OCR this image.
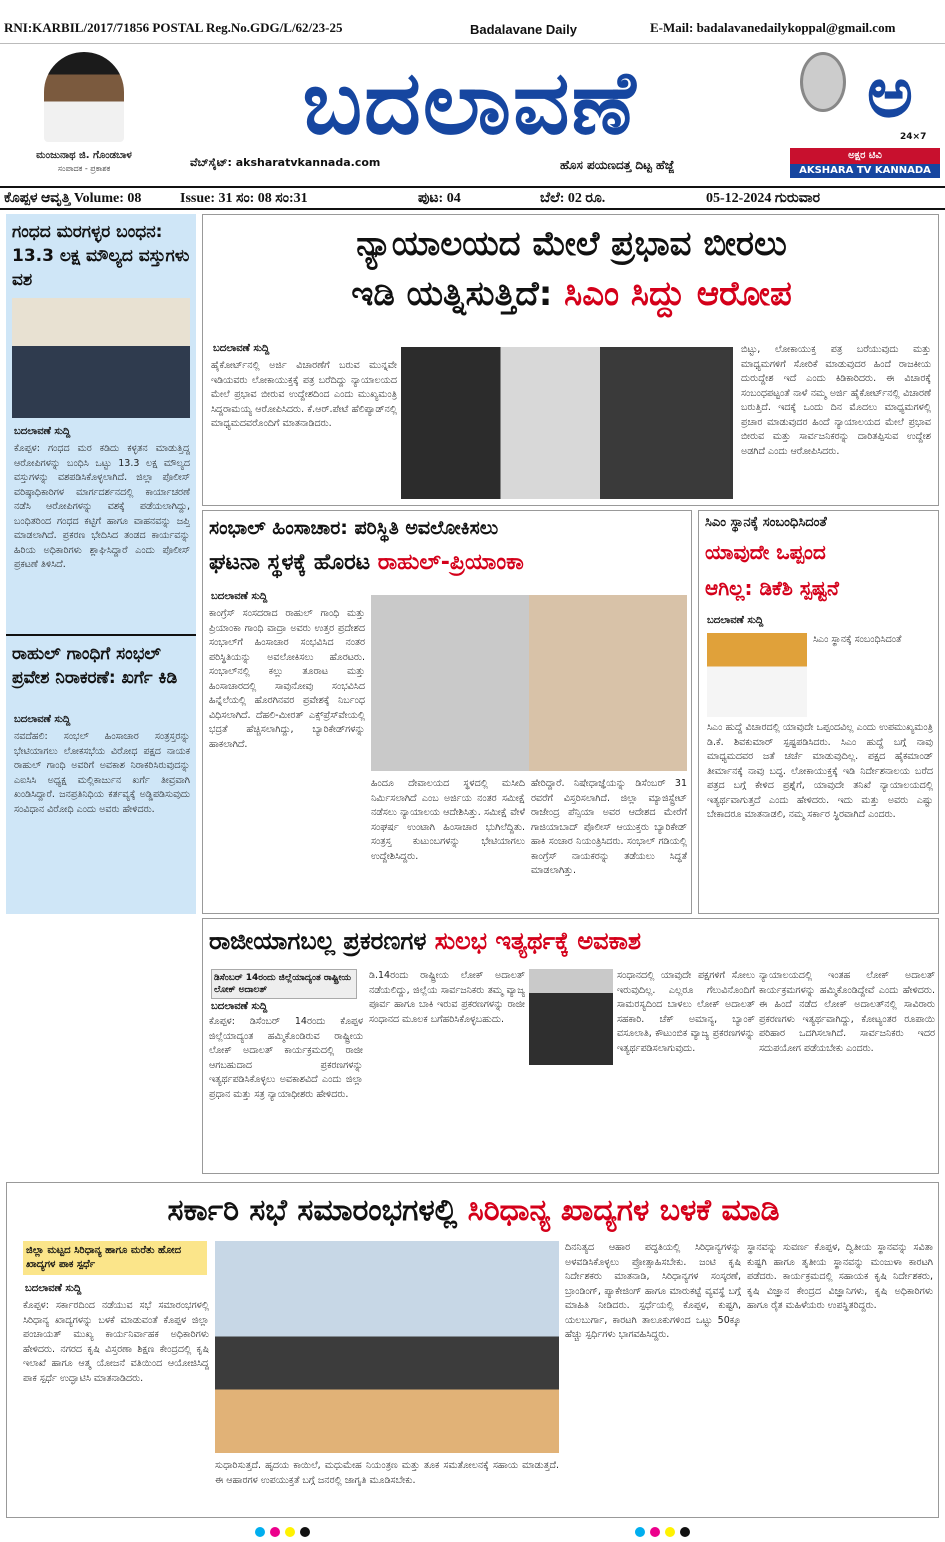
RNI:KARBIL/2017/71856 POSTAL Reg.No.GDG/L/62/23-25	Badalavane Daily	E-Mail: badalavanedailykoppal@gmail.com
ಮಂಜುನಾಥ ಜಿ. ಗೊಂಡಬಾಳ
ಸಂಪಾದಕ - ಪ್ರಕಾಶಕ
ಬದಲಾವಣೆ
ವೆಬ್‌ಸೈಟ್: aksharatvkannada.com	ಹೊಸ ಪಯಣದತ್ತ ದಿಟ್ಟ ಹೆಜ್ಜೆ
ಅ
24×7
ಅಕ್ಷರ ಟಿವಿ
AKSHARA TV KANNADA
ಕೊಪ್ಪಳ ಆವೃತ್ತಿ Volume: 08	Issue: 31 ಸಂ: 08 ಸಂ:31	ಪುಟ: 04	ಬೆಲೆ: 02 ರೂ.	05-12-2024 ಗುರುವಾರ
ಗಂಧದ ಮರಗಳ್ಳರ ಬಂಧನ: 13.3 ಲಕ್ಷ ಮೌಲ್ಯದ ವಸ್ತುಗಳು ವಶ
ಬದಲಾವಣೆ ಸುದ್ದಿ
ಕೊಪ್ಪಳ: ಗಂಧದ ಮರ ಕಡಿದು ಕಳ್ಳತನ ಮಾಡುತ್ತಿದ್ದ ಆರೋಪಿಗಳನ್ನು ಬಂಧಿಸಿ ಒಟ್ಟು 13.3 ಲಕ್ಷ ಮೌಲ್ಯದ ವಸ್ತುಗಳನ್ನು ವಶಪಡಿಸಿಕೊಳ್ಳಲಾಗಿದೆ. ಜಿಲ್ಲಾ ಪೊಲೀಸ್ ವರಿಷ್ಠಾಧಿಕಾರಿಗಳ ಮಾರ್ಗದರ್ಶನದಲ್ಲಿ ಕಾರ್ಯಾಚರಣೆ ನಡೆಸಿ ಆರೋಪಿಗಳನ್ನು ವಶಕ್ಕೆ ಪಡೆಯಲಾಗಿದ್ದು, ಬಂಧಿತರಿಂದ ಗಂಧದ ಕಟ್ಟಿಗೆ ಹಾಗೂ ವಾಹನವನ್ನು ಜಪ್ತಿ ಮಾಡಲಾಗಿದೆ. ಪ್ರಕರಣ ಭೇದಿಸಿದ ತಂಡದ ಕಾರ್ಯವನ್ನು ಹಿರಿಯ ಅಧಿಕಾರಿಗಳು ಶ್ಲಾಘಿಸಿದ್ದಾರೆ ಎಂದು ಪೊಲೀಸ್ ಪ್ರಕಟಣೆ ತಿಳಿಸಿದೆ.
ರಾಹುಲ್ ಗಾಂಧಿಗೆ ಸಂಭಲ್ ಪ್ರವೇಶ ನಿರಾಕರಣೆ: ಖರ್ಗೆ ಕಿಡಿ
ಬದಲಾವಣೆ ಸುದ್ದಿ
ನವದೆಹಲಿ: ಸಂಭಲ್ ಹಿಂಸಾಚಾರ ಸಂತ್ರಸ್ತರನ್ನು ಭೇಟಿಯಾಗಲು ಲೋಕಸಭೆಯ ವಿರೋಧ ಪಕ್ಷದ ನಾಯಕ ರಾಹುಲ್ ಗಾಂಧಿ ಅವರಿಗೆ ಅವಕಾಶ ನಿರಾಕರಿಸಿರುವುದನ್ನು ಎಐಸಿಸಿ ಅಧ್ಯಕ್ಷ ಮಲ್ಲಿಕಾರ್ಜುನ ಖರ್ಗೆ ತೀವ್ರವಾಗಿ ಖಂಡಿಸಿದ್ದಾರೆ. ಜನಪ್ರತಿನಿಧಿಯ ಕರ್ತವ್ಯಕ್ಕೆ ಅಡ್ಡಿಪಡಿಸುವುದು ಸಂವಿಧಾನ ವಿರೋಧಿ ಎಂದು ಅವರು ಹೇಳಿದರು.
ನ್ಯಾಯಾಲಯದ ಮೇಲೆ ಪ್ರಭಾವ ಬೀರಲು
ಇಡಿ ಯತ್ನಿಸುತ್ತಿದೆ: ಸಿಎಂ ಸಿದ್ದು ಆರೋಪ
ಬದಲಾವಣೆ ಸುದ್ದಿ
ಹೈಕೋರ್ಟ್‌ನಲ್ಲಿ ಅರ್ಜಿ ವಿಚಾರಣೆಗೆ ಬರುವ ಮುನ್ನವೇ ಇಡಿಯವರು ಲೋಕಾಯುಕ್ತಕ್ಕೆ ಪತ್ರ ಬರೆದಿದ್ದು ನ್ಯಾಯಾಲಯದ ಮೇಲೆ ಪ್ರಭಾವ ಬೀರುವ ಉದ್ದೇಶದಿಂದ ಎಂದು ಮುಖ್ಯಮಂತ್ರಿ ಸಿದ್ದರಾಮಯ್ಯ ಆರೋಪಿಸಿದರು. ಕೆ.ಆರ್.ಪೇಟೆ ಹೆಲಿಪ್ಯಾಡ್‌ನಲ್ಲಿ ಮಾಧ್ಯಮದವರೊಂದಿಗೆ ಮಾತನಾಡಿದರು.
ಬಿಟ್ಟು, ಲೋಕಾಯುಕ್ತ ಪತ್ರ ಬರೆಯುವುದು ಮತ್ತು ಮಾಧ್ಯಮಗಳಿಗೆ ಸೋರಿಕೆ ಮಾಡುವುದರ ಹಿಂದೆ ರಾಜಕೀಯ ದುರುದ್ದೇಶ ಇದೆ ಎಂದು ಕಿಡಿಕಾರಿದರು. ಈ ವಿಚಾರಕ್ಕೆ ಸಂಬಂಧಪಟ್ಟಂತೆ ನಾಳೆ ನಮ್ಮ ಅರ್ಜಿ ಹೈಕೋರ್ಟ್‌ನಲ್ಲಿ ವಿಚಾರಣೆ ಬರುತ್ತಿದೆ. ಇದಕ್ಕೆ ಒಂದು ದಿನ ಮೊದಲು ಮಾಧ್ಯಮಗಳಲ್ಲಿ ಪ್ರಚಾರ ಮಾಡುವುದರ ಹಿಂದೆ ನ್ಯಾಯಾಲಯದ ಮೇಲೆ ಪ್ರಭಾವ ಬೀರುವ ಮತ್ತು ಸಾರ್ವಜನಿಕರನ್ನು ದಾರಿತಪ್ಪಿಸುವ ಉದ್ದೇಶ ಅಡಗಿದೆ ಎಂದು ಆರೋಪಿಸಿದರು.
ಸಂಭಾಲ್ ಹಿಂಸಾಚಾರ: ಪರಿಸ್ಥಿತಿ ಅವಲೋಕಿಸಲು
ಘಟನಾ ಸ್ಥಳಕ್ಕೆ ಹೊರಟ ರಾಹುಲ್-ಪ್ರಿಯಾಂಕಾ
ಬದಲಾವಣೆ ಸುದ್ದಿ
ಕಾಂಗ್ರೆಸ್ ಸಂಸದರಾದ ರಾಹುಲ್ ಗಾಂಧಿ ಮತ್ತು ಪ್ರಿಯಾಂಕಾ ಗಾಂಧಿ ವಾದ್ರಾ ಅವರು ಉತ್ತರ ಪ್ರದೇಶದ ಸಂಭಾಲ್‌ಗೆ ಹಿಂಸಾಚಾರ ಸಂಭವಿಸಿದ ನಂತರ ಪರಿಸ್ಥಿತಿಯನ್ನು ಅವಲೋಕಿಸಲು ಹೊರಟರು. ಸಂಭಾಲ್‌ನಲ್ಲಿ ಕಲ್ಲು ತೂರಾಟ ಮತ್ತು ಹಿಂಸಾಚಾರದಲ್ಲಿ ಸಾವುನೋವು ಸಂಭವಿಸಿದ ಹಿನ್ನೆಲೆಯಲ್ಲಿ ಹೊರಗಿನವರ ಪ್ರವೇಶಕ್ಕೆ ನಿರ್ಬಂಧ ವಿಧಿಸಲಾಗಿದೆ. ದೆಹಲಿ-ಮೀರತ್ ಎಕ್ಸ್‌ಪ್ರೆಸ್‌ವೇಯಲ್ಲಿ ಭದ್ರತೆ ಹೆಚ್ಚಿಸಲಾಗಿದ್ದು, ಬ್ಯಾರಿಕೇಡ್‌ಗಳನ್ನು ಹಾಕಲಾಗಿದೆ.
ಹಿಂದೂ ದೇವಾಲಯದ ಸ್ಥಳದಲ್ಲಿ ಮಸೀದಿ ನಿರ್ಮಿಸಲಾಗಿದೆ ಎಂಬ ಅರ್ಜಿಯ ನಂತರ ಸಮೀಕ್ಷೆ ನಡೆಸಲು ನ್ಯಾಯಾಲಯ ಆದೇಶಿಸಿತ್ತು. ಸಮೀಕ್ಷೆ ವೇಳೆ ಸಂಘರ್ಷ ಉಂಟಾಗಿ ಹಿಂಸಾಚಾರ ಭುಗಿಲೆದ್ದಿತು. ಸಂತ್ರಸ್ತ ಕುಟುಂಬಗಳನ್ನು ಭೇಟಿಯಾಗಲು ಉದ್ದೇಶಿಸಿದ್ದರು.
ಹೇರಿದ್ದಾರೆ. ನಿಷೇಧಾಜ್ಞೆಯನ್ನು ಡಿಸೆಂಬರ್ 31 ರವರೆಗೆ ವಿಸ್ತರಿಸಲಾಗಿದೆ. ಜಿಲ್ಲಾ ಮ್ಯಾಜಿಸ್ಟ್ರೇಟ್ ರಾಜೇಂದ್ರ ಪೆನ್ಸಿಯಾ ಅವರ ಆದೇಶದ ಮೇರೆಗೆ ಗಾಜಿಯಾಬಾದ್ ಪೊಲೀಸ್ ಆಯುಕ್ತರು ಬ್ಯಾರಿಕೇಡ್ ಹಾಕಿ ಸಂಚಾರ ನಿಯಂತ್ರಿಸಿದರು. ಸಂಭಾಲ್ ಗಡಿಯಲ್ಲಿ ಕಾಂಗ್ರೆಸ್ ನಾಯಕರನ್ನು ತಡೆಯಲು ಸಿದ್ಧತೆ ಮಾಡಲಾಗಿತ್ತು.
ಸಿಎಂ ಸ್ಥಾನಕ್ಕೆ ಸಂಬಂಧಿಸಿದಂತೆ
ಯಾವುದೇ ಒಪ್ಪಂದ
ಆಗಿಲ್ಲ: ಡಿಕೆಶಿ ಸ್ಪಷ್ಟನೆ
ಬದಲಾವಣೆ ಸುದ್ದಿ
ಸಿಎಂ ಸ್ಥಾನಕ್ಕೆ ಸಂಬಂಧಿಸಿದಂತೆ
ಸಿಎಂ ಹುದ್ದೆ ವಿಚಾರದಲ್ಲಿ ಯಾವುದೇ ಒಪ್ಪಂದವಿಲ್ಲ ಎಂದು ಉಪಮುಖ್ಯಮಂತ್ರಿ ಡಿ.ಕೆ. ಶಿವಕುಮಾರ್ ಸ್ಪಷ್ಟಪಡಿಸಿದರು. ಸಿಎಂ ಹುದ್ದೆ ಬಗ್ಗೆ ನಾವು ಮಾಧ್ಯಮದವರ ಜತೆ ಚರ್ಚೆ ಮಾಡುವುದಿಲ್ಲ. ಪಕ್ಷದ ಹೈಕಮಾಂಡ್ ತೀರ್ಮಾನಕ್ಕೆ ನಾವು ಬದ್ಧ. ಲೋಕಾಯುಕ್ತಕ್ಕೆ ಇಡಿ ನಿರ್ದೇಶನಾಲಯ ಬರೆದ ಪತ್ರದ ಬಗ್ಗೆ ಕೇಳಿದ ಪ್ರಶ್ನೆಗೆ, ಯಾವುದೇ ತನಿಖೆ ನ್ಯಾಯಾಲಯದಲ್ಲಿ ಇತ್ಯರ್ಥವಾಗುತ್ತದೆ ಎಂದು ಹೇಳಿದರು. ಇದು ಮತ್ತು ಅವರು ಎಷ್ಟು ಬೇಕಾದರೂ ಮಾತನಾಡಲಿ, ನಮ್ಮ ಸರ್ಕಾರ ಸ್ಥಿರವಾಗಿದೆ ಎಂದರು.
ರಾಜೀಯಾಗಬಲ್ಲ ಪ್ರಕರಣಗಳ ಸುಲಭ ಇತ್ಯರ್ಥಕ್ಕೆ ಅವಕಾಶ
ಡಿಸೆಂಬರ್ 14ರಂದು ಜಿಲ್ಲೆಯಾದ್ಯಂತ ರಾಷ್ಟ್ರೀಯ ಲೋಕ್ ಅದಾಲತ್
ಬದಲಾವಣೆ ಸುದ್ದಿ
ಕೊಪ್ಪಳ: ಡಿಸೆಂಬರ್ 14ರಂದು ಕೊಪ್ಪಳ ಜಿಲ್ಲೆಯಾದ್ಯಂತ ಹಮ್ಮಿಕೊಂಡಿರುವ ರಾಷ್ಟ್ರೀಯ ಲೋಕ್ ಅದಾಲತ್ ಕಾರ್ಯಕ್ರಮದಲ್ಲಿ ರಾಜೀ ಆಗಬಹುದಾದ ಪ್ರಕರಣಗಳನ್ನು ಇತ್ಯರ್ಥಪಡಿಸಿಕೊಳ್ಳಲು ಅವಕಾಶವಿದೆ ಎಂದು ಜಿಲ್ಲಾ ಪ್ರಧಾನ ಮತ್ತು ಸತ್ರ ನ್ಯಾಯಾಧೀಶರು ಹೇಳಿದರು.
ಡಿ.14ರಂದು ರಾಷ್ಟ್ರೀಯ ಲೋಕ್ ಅದಾಲತ್ ನಡೆಯಲಿದ್ದು, ಜಿಲ್ಲೆಯ ಸಾರ್ವಜನಿಕರು ತಮ್ಮ ವ್ಯಾಜ್ಯ ಪೂರ್ವ ಹಾಗೂ ಬಾಕಿ ಇರುವ ಪ್ರಕರಣಗಳನ್ನು ರಾಜೀ ಸಂಧಾನದ ಮೂಲಕ ಬಗೆಹರಿಸಿಕೊಳ್ಳಬಹುದು.
ಸಂಧಾನದಲ್ಲಿ ಯಾವುದೇ ಪಕ್ಷಗಳಿಗೆ ಸೋಲು ಇರುವುದಿಲ್ಲ. ಎಲ್ಲರೂ ಗೆಲುವಿನೊಂದಿಗೆ ಸಾಮರಸ್ಯದಿಂದ ಬಾಳಲು ಲೋಕ್ ಅದಾಲತ್ ಸಹಕಾರಿ. ಚೆಕ್ ಅಮಾನ್ಯ, ಬ್ಯಾಂಕ್ ವಸೂಲಾತಿ, ಕೌಟುಂಬಿಕ ವ್ಯಾಜ್ಯ ಪ್ರಕರಣಗಳನ್ನು ಇತ್ಯರ್ಥಪಡಿಸಲಾಗುವುದು.
ನ್ಯಾಯಾಲಯದಲ್ಲಿ ಇಂತಹ ಲೋಕ್ ಅದಾಲತ್ ಕಾರ್ಯಕ್ರಮಗಳನ್ನು ಹಮ್ಮಿಕೊಂಡಿದ್ದೇವೆ ಎಂದು ಹೇಳಿದರು. ಈ ಹಿಂದೆ ನಡೆದ ಲೋಕ್ ಅದಾಲತ್‌ನಲ್ಲಿ ಸಾವಿರಾರು ಪ್ರಕರಣಗಳು ಇತ್ಯರ್ಥವಾಗಿದ್ದು, ಕೋಟ್ಯಂತರ ರೂಪಾಯಿ ಪರಿಹಾರ ಒದಗಿಸಲಾಗಿದೆ. ಸಾರ್ವಜನಿಕರು ಇದರ ಸದುಪಯೋಗ ಪಡೆಯಬೇಕು ಎಂದರು.
ಸರ್ಕಾರಿ ಸಭೆ ಸಮಾರಂಭಗಳಲ್ಲಿ ಸಿರಿಧಾನ್ಯ ಖಾದ್ಯಗಳ ಬಳಕೆ ಮಾಡಿ
ಜಿಲ್ಲಾ ಮಟ್ಟದ ಸಿರಿಧಾನ್ಯ ಹಾಗೂ ಮರೆತು ಹೋದ ಖಾದ್ಯಗಳ ಪಾಕ ಸ್ಪರ್ಧೆ
ಬದಲಾವಣೆ ಸುದ್ದಿ
ಕೊಪ್ಪಳ: ಸರ್ಕಾರದಿಂದ ನಡೆಯುವ ಸಭೆ ಸಮಾರಂಭಗಳಲ್ಲಿ ಸಿರಿಧಾನ್ಯ ಖಾದ್ಯಗಳನ್ನು ಬಳಕೆ ಮಾಡುವಂತೆ ಕೊಪ್ಪಳ ಜಿಲ್ಲಾ ಪಂಚಾಯತ್ ಮುಖ್ಯ ಕಾರ್ಯನಿರ್ವಾಹಕ ಅಧಿಕಾರಿಗಳು ಹೇಳಿದರು. ನಗರದ ಕೃಷಿ ವಿಸ್ತರಣಾ ಶಿಕ್ಷಣ ಕೇಂದ್ರದಲ್ಲಿ ಕೃಷಿ ಇಲಾಖೆ ಹಾಗೂ ಆತ್ಮ ಯೋಜನೆ ವತಿಯಿಂದ ಆಯೋಜಿಸಿದ್ದ ಪಾಕ ಸ್ಪರ್ಧೆ ಉದ್ಘಾಟಿಸಿ ಮಾತನಾಡಿದರು.
ಸುಧಾರಿಸುತ್ತದೆ. ಹೃದಯ ಕಾಯಿಲೆ, ಮಧುಮೇಹ ನಿಯಂತ್ರಣ ಮತ್ತು ತೂಕ ಸಮತೋಲನಕ್ಕೆ ಸಹಾಯ ಮಾಡುತ್ತದೆ. ಈ ಆಹಾರಗಳ ಉಪಯುಕ್ತತೆ ಬಗ್ಗೆ ಜನರಲ್ಲಿ ಜಾಗೃತಿ ಮೂಡಿಸಬೇಕು.
ದಿನನಿತ್ಯದ ಆಹಾರ ಪದ್ಧತಿಯಲ್ಲಿ ಸಿರಿಧಾನ್ಯಗಳನ್ನು ಅಳವಡಿಸಿಕೊಳ್ಳಲು ಪ್ರೋತ್ಸಾಹಿಸಬೇಕು. ಜಂಟಿ ಕೃಷಿ ನಿರ್ದೇಶಕರು ಮಾತನಾಡಿ, ಸಿರಿಧಾನ್ಯಗಳ ಸಂಸ್ಕರಣೆ, ಬ್ರಾಂಡಿಂಗ್, ಪ್ಯಾಕೇಜಿಂಗ್ ಹಾಗೂ ಮಾರುಕಟ್ಟೆ ವ್ಯವಸ್ಥೆ ಬಗ್ಗೆ ಮಾಹಿತಿ ನೀಡಿದರು. ಸ್ಪರ್ಧೆಯಲ್ಲಿ ಕೊಪ್ಪಳ, ಕುಷ್ಟಗಿ, ಯಲಬುರ್ಗಾ, ಕಾರಟಗಿ ತಾಲೂಕುಗಳಿಂದ ಒಟ್ಟು 50ಕ್ಕೂ ಹೆಚ್ಚು ಸ್ಪರ್ಧಿಗಳು ಭಾಗವಹಿಸಿದ್ದರು.
ಸ್ಥಾನವನ್ನು ಸುವರ್ಣ ಕೊಪ್ಪಳ, ದ್ವಿತೀಯ ಸ್ಥಾನವನ್ನು ಸವಿತಾ ಕುಷ್ಟಗಿ ಹಾಗೂ ತೃತೀಯ ಸ್ಥಾನವನ್ನು ಮಂಜುಳಾ ಕಾರಟಗಿ ಪಡೆದರು. ಕಾರ್ಯಕ್ರಮದಲ್ಲಿ ಸಹಾಯಕ ಕೃಷಿ ನಿರ್ದೇಶಕರು, ಕೃಷಿ ವಿಜ್ಞಾನ ಕೇಂದ್ರದ ವಿಜ್ಞಾನಿಗಳು, ಕೃಷಿ ಅಧಿಕಾರಿಗಳು ಹಾಗೂ ರೈತ ಮಹಿಳೆಯರು ಉಪಸ್ಥಿತರಿದ್ದರು.
